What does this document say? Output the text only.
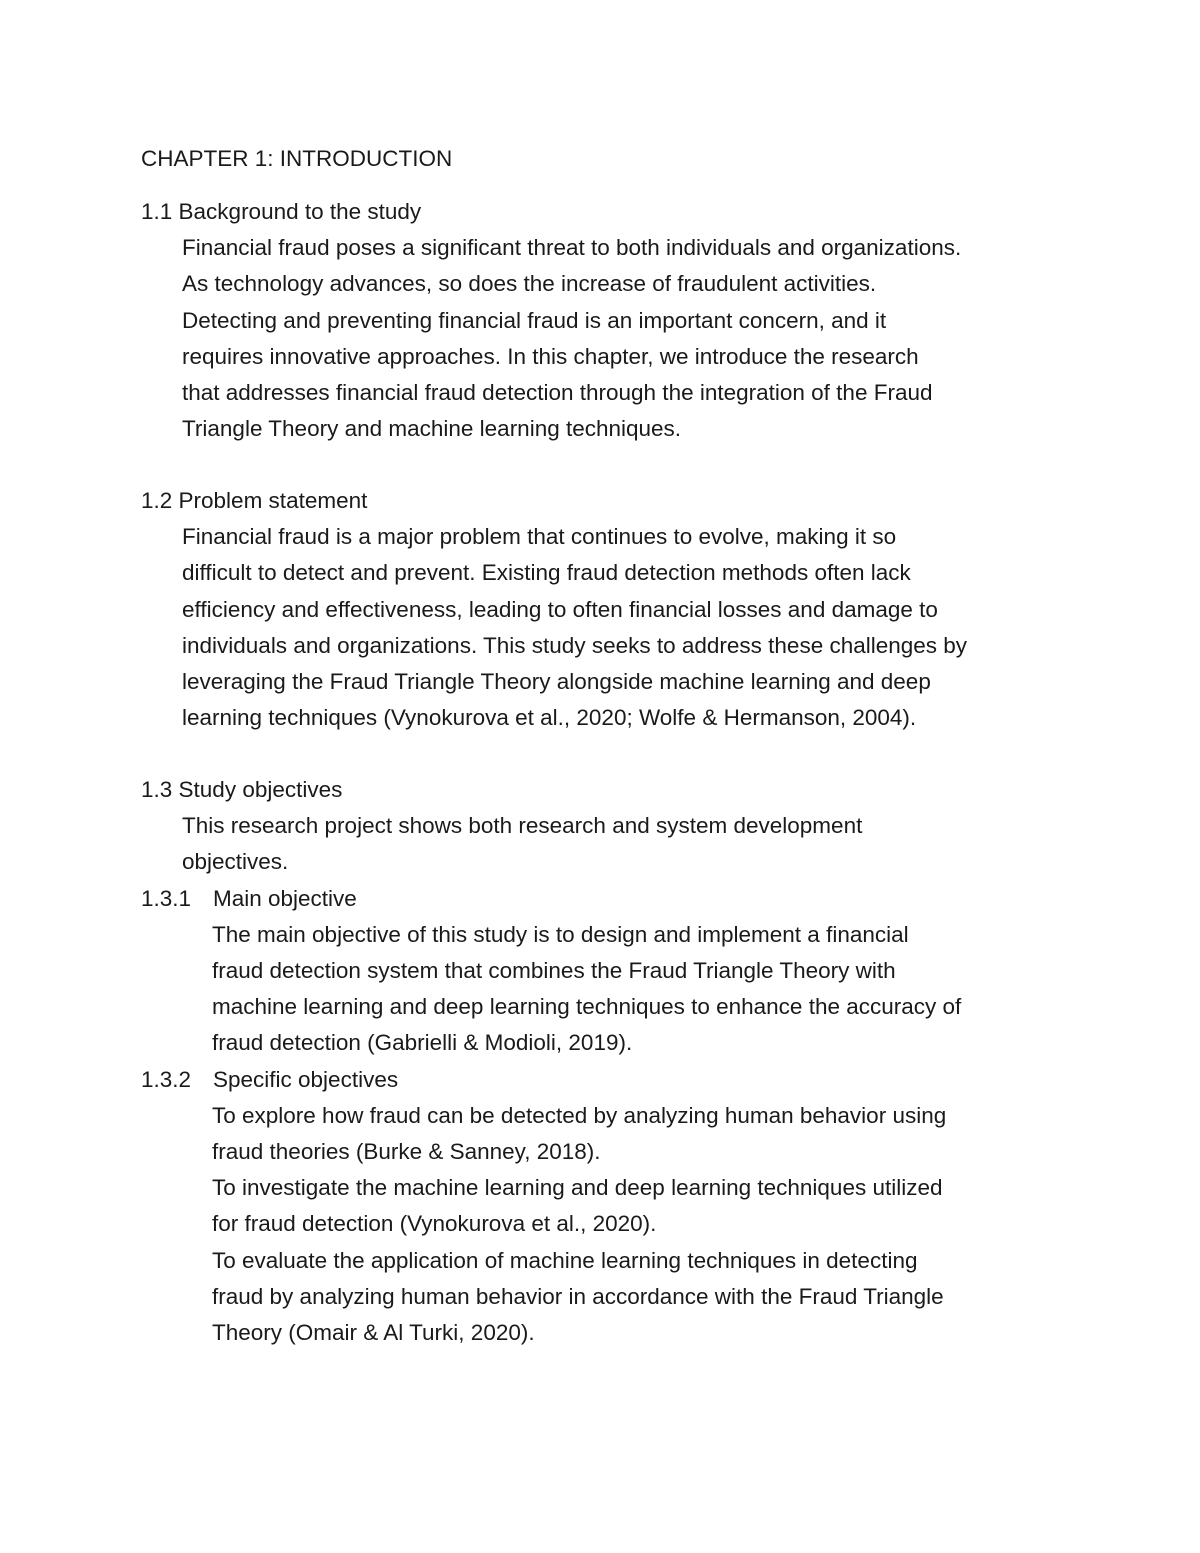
CHAPTER 1: INTRODUCTION
1.1 Background to the study
Financial fraud poses a significant threat to both individuals and organizations.
As technology advances, so does the increase of fraudulent activities.
Detecting and preventing financial fraud is an important concern, and it
requires innovative approaches. In this chapter, we introduce the research
that addresses financial fraud detection through the integration of the Fraud
Triangle Theory and machine learning techniques.
1.2 Problem statement
Financial fraud is a major problem that continues to evolve, making it so
difficult to detect and prevent. Existing fraud detection methods often lack
efficiency and effectiveness, leading to often financial losses and damage to
individuals and organizations. This study seeks to address these challenges by
leveraging the Fraud Triangle Theory alongside machine learning and deep
learning techniques (Vynokurova et al., 2020; Wolfe & Hermanson, 2004).
1.3 Study objectives
This research project shows both research and system development
objectives.
1.3.1 Main objective
The main objective of this study is to design and implement a financial
fraud detection system that combines the Fraud Triangle Theory with
machine learning and deep learning techniques to enhance the accuracy of
fraud detection (Gabrielli & Modioli, 2019).
1.3.2 Specific objectives
To explore how fraud can be detected by analyzing human behavior using
fraud theories (Burke & Sanney, 2018).
To investigate the machine learning and deep learning techniques utilized
for fraud detection (Vynokurova et al., 2020).
To evaluate the application of machine learning techniques in detecting
fraud by analyzing human behavior in accordance with the Fraud Triangle
Theory (Omair & Al Turki, 2020).
